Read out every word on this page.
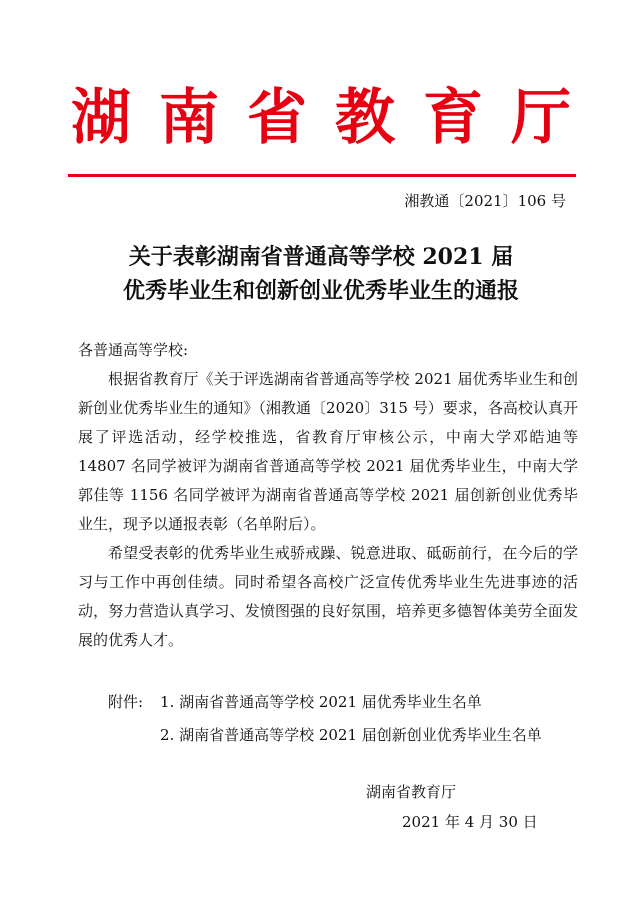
湖南省教育厅
湘教通〔2021〕106 号
关于表彰湖南省普通高等学校 2021 届
优秀毕业生和创新创业优秀毕业生的通报

各普通高等学校:

根据省教育厅《关于评选湖南省普通高等学校 2021 届优秀毕业生和创新创业优秀毕业生的通知》（湘教通〔2020〕315 号）要求，各高校认真开展了评选活动，经学校推选，省教育厅审核公示，中南大学邓皓迪等 14807 名同学被评为湖南省普通高等学校 2021 届优秀毕业生，中南大学郭佳等 1156 名同学被评为湖南省普通高等学校 2021 届创新创业优秀毕业生，现予以通报表彰（名单附后）。

希望受表彰的优秀毕业生戒骄戒躁、锐意进取、砥砺前行，在今后的学习与工作中再创佳绩。同时希望各高校广泛宣传优秀毕业生先进事迹的活动，努力营造认真学习、发愤图强的良好氛围，培养更多德智体美劳全面发展的优秀人才。

附件:	1. 湖南省普通高等学校 2021 届优秀毕业生名单
2. 湖南省普通高等学校 2021 届创新创业优秀毕业生名单
湖南省教育厅
2021 年 4 月 30 日
